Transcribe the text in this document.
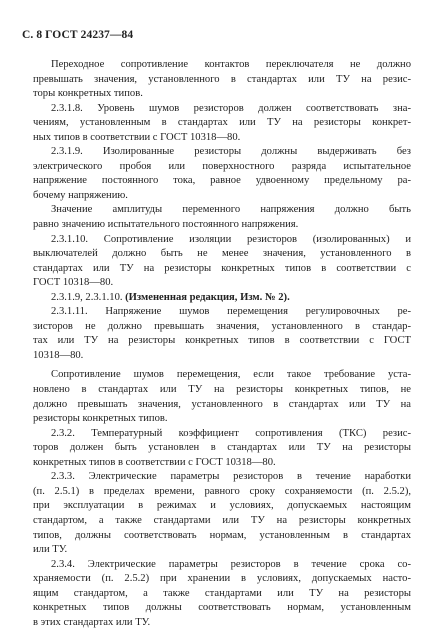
С. 8 ГОСТ 24237—84
Переходное сопротивление контактов переключателя не должно
превышать значения, установленного в стандартах или ТУ на резис-
торы конкретных типов.
2.3.1.8. Уровень шумов резисторов должен соответствовать зна-
чениям, установленным в стандартах или ТУ на резисторы конкрет-
ных типов в соответствии с ГОСТ 10318—80.
2.3.1.9. Изолированные резисторы должны выдерживать без
электрического пробоя или поверхностного разряда испытательное
напряжение постоянного тока, равное удвоенному предельному ра-
бочему напряжению.
Значение амплитуды переменного напряжения должно быть
равно значению испытательного постоянного напряжения.
2.3.1.10. Сопротивление изоляции резисторов (изолированных) и
выключателей должно быть не менее значения, установленного в
стандартах или ТУ на резисторы конкретных типов в соответствии с
ГОСТ 10318—80.
2.3.1.9, 2.3.1.10. (Измененная редакция, Изм. № 2).
2.3.1.11. Напряжение шумов перемещения регулировочных ре-
зисторов не должно превышать значения, установленного в стандар-
тах или ТУ на резисторы конкретных типов в соответствии с ГОСТ
10318—80.
Сопротивление шумов перемещения, если такое требование уста-
новлено в стандартах или ТУ на резисторы конкретных типов, не
должно превышать значения, установленного в стандартах или ТУ на
резисторы конкретных типов.
2.3.2. Температурный коэффициент сопротивления (ТКС) резис-
торов должен быть установлен в стандартах или ТУ на резисторы
конкретных типов в соответствии с ГОСТ 10318—80.
2.3.3. Электрические параметры резисторов в течение наработки
(п. 2.5.1) в пределах времени, равного сроку сохраняемости (п. 2.5.2),
при эксплуатации в режимах и условиях, допускаемых настоящим
стандартом, а также стандартами или ТУ на резисторы конкретных
типов, должны соответствовать нормам, установленным в стандартах
или ТУ.
2.3.4. Электрические параметры резисторов в течение срока со-
храняемости (п. 2.5.2) при хранении в условиях, допускаемых насто-
ящим стандартом, а также стандартами или ТУ на резисторы
конкретных типов должны соответствовать нормам, установленным
в этих стандартах или ТУ.
